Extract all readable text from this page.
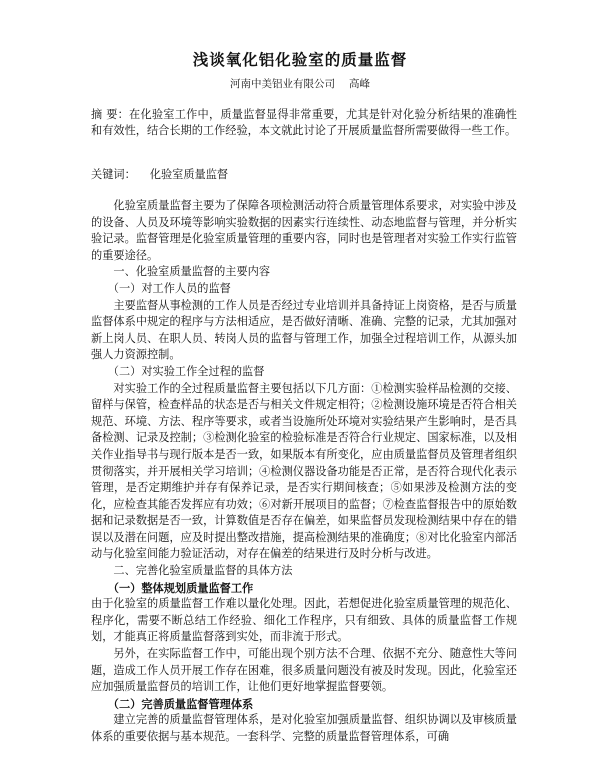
浅谈氧化铝化验室的质量监督
河南中美铝业有限公司 高峰

摘 要：在化验室工作中，质量监督显得非常重要，尤其是针对化验分析结果的准确性和有效性，结合长期的工作经验，本文就此讨论了开展质量监督所需要做得一些工作。

关键词： 化验室质量监督

化验室质量监督主要为了保障各项检测活动符合质量管理体系要求，对实验中涉及的设备、人员及环境等影响实验数据的因素实行连续性、动态地监督与管理，并分析实验记录。监督管理是化验室质量管理的重要内容，同时也是管理者对实验工作实行监管的重要途径。

一、化验室质量监督的主要内容
（一）对工作人员的监督

主要监督从事检测的工作人员是否经过专业培训并具备持证上岗资格，是否与质量监督体系中规定的程序与方法相适应，是否做好清晰、准确、完整的记录，尤其加强对新上岗人员、在职人员、转岗人员的监督与管理工作，加强全过程培训工作，从源头加强人力资源控制。

（二）对实验工作全过程的监督

对实验工作的全过程质量监督主要包括以下几方面：①检测实验样品检测的交接、留样与保管，检查样品的状态是否与相关文件规定相符；②检测设施环境是否符合相关规范、环境、方法、程序等要求，或者当设施所处环境对实验结果产生影响时，是否具备检测、记录及控制；③检测化验室的检验标准是否符合行业规定、国家标准，以及相关作业指导书与现行版本是否一致，如果版本有所变化，应由质量监督员及管理者组织贯彻落实，并开展相关学习培训；④检测仪器设备功能是否正常，是否符合现代化表示管理，是否定期维护并存有保养记录，是否实行期间核查；⑤如果涉及检测方法的变化，应检查其能否发挥应有功效；⑥对新开展项目的监督；⑦检查监督报告中的原始数据和记录数据是否一致，计算数值是否存在偏差，如果监督员发现检测结果中存在的错误以及潜在问题，应及时提出整改措施，提高检测结果的准确度；⑧对比化验室内部活动与化验室间能力验证活动，对存在偏差的结果进行及时分析与改进。

二、完善化验室质量监督的具体方法
（一）整体规划质量监督工作

由于化验室的质量监督工作难以量化处理。因此，若想促进化验室质量管理的规范化、程序化，需要不断总结工作经验、细化工作程序，只有细致、具体的质量监督工作规划，才能真正将质量监督落到实处，而非流于形式。

另外，在实际监督工作中，可能出现个别方法不合理、依据不充分、随意性大等问题，造成工作人员开展工作存在困难，很多质量问题没有被及时发现。因此，化验室还应加强质量监督员的培训工作，让他们更好地掌握监督要领。

（二）完善质量监督管理体系

建立完善的质量监督管理体系，是对化验室加强质量监督、组织协调以及审核质量体系的重要依据与基本规范。一套科学、完整的质量监督管理体系，可确
